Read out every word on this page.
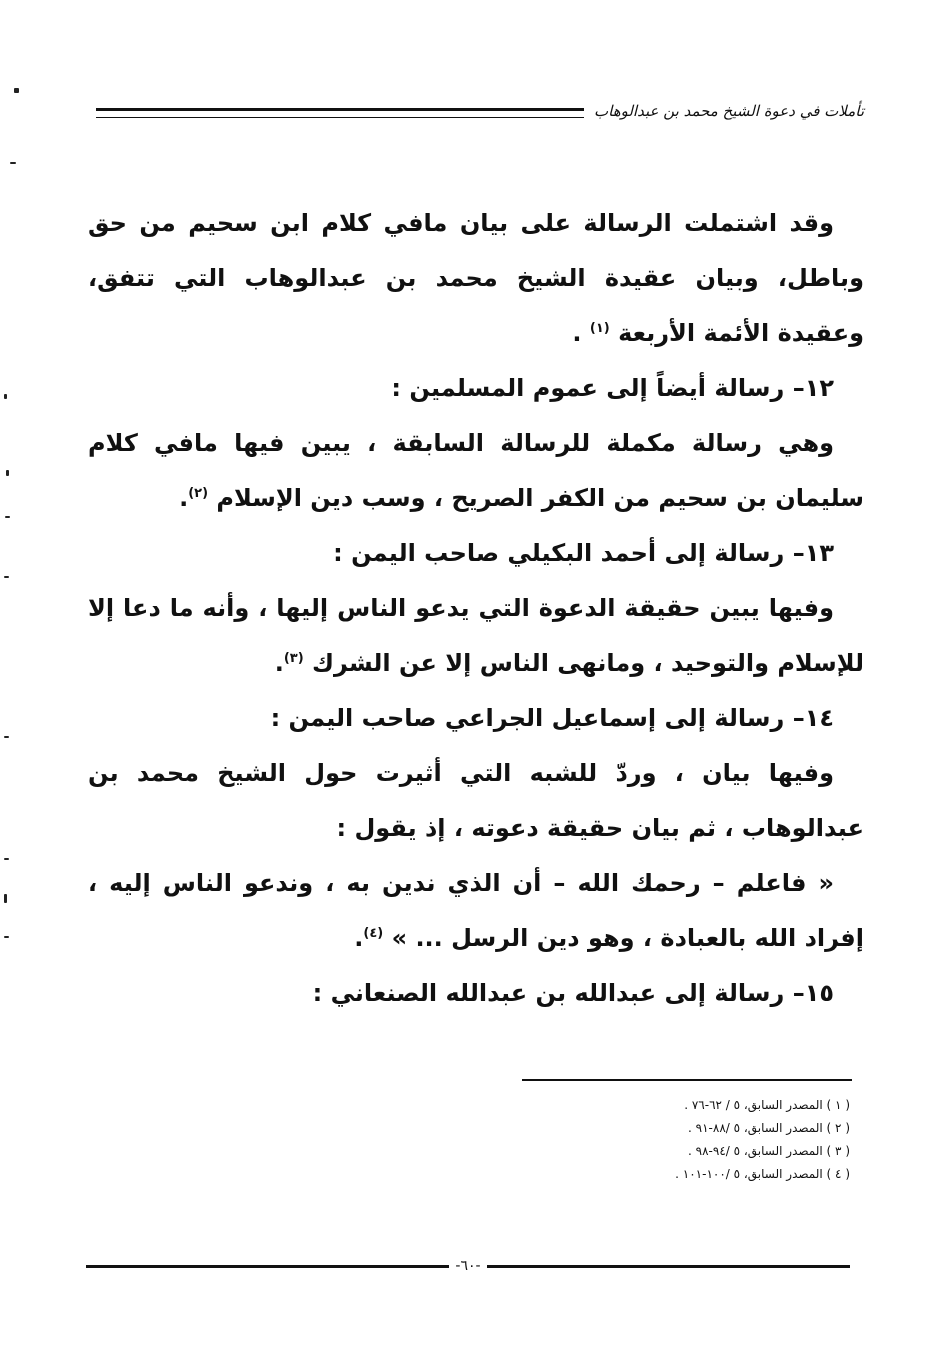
تأملات في دعوة الشيخ محمد بن عبدالوهاب

وقد اشتملت الرسالة على بيان مافي كلام ابن سحيم من حق وباطل، وبيان عقيدة الشيخ محمد بن عبدالوهاب التي تتفق، وعقيدة الأئمة الأربعة $^{(١)}$ .

١٢– رسالة أيضاً إلى عموم المسلمين :

وهي رسالة مكملة للرسالة السابقة ، يبين فيها مافي كلام سليمان بن سحيم من الكفر الصريح ، وسب دين الإسلام $^{(٢)}$.

١٣– رسالة إلى أحمد البكيلي صاحب اليمن :

وفيها يبين حقيقة الدعوة التي يدعو الناس إليها ، وأنه ما دعا إلا للإسلام والتوحيد ، ومانهى الناس إلا عن الشرك $^{(٣)}$.

١٤– رسالة إلى إسماعيل الجراعي صاحب اليمن :

وفيها بيان ، وردّ للشبه التي أثيرت حول الشيخ محمد بن عبدالوهاب ، ثم بيان حقيقة دعوته ، إذ يقول :

« فاعلم – رحمك الله – أن الذي ندين به ، وندعو الناس إليه ، إفراد الله بالعبادة ، وهو دين الرسل ... » $^{(٤)}$.

١٥– رسالة إلى عبدالله بن عبدالله الصنعاني :

( ١ ) المصدر السابق، ٥ / ٦٢-٧٦ .

( ٢ ) المصدر السابق، ٥ /٨٨-٩١ .

( ٣ ) المصدر السابق، ٥ /٩٤-٩٨ .

( ٤ ) المصدر السابق، ٥ /١٠٠-١٠١ .

-٦٠-
